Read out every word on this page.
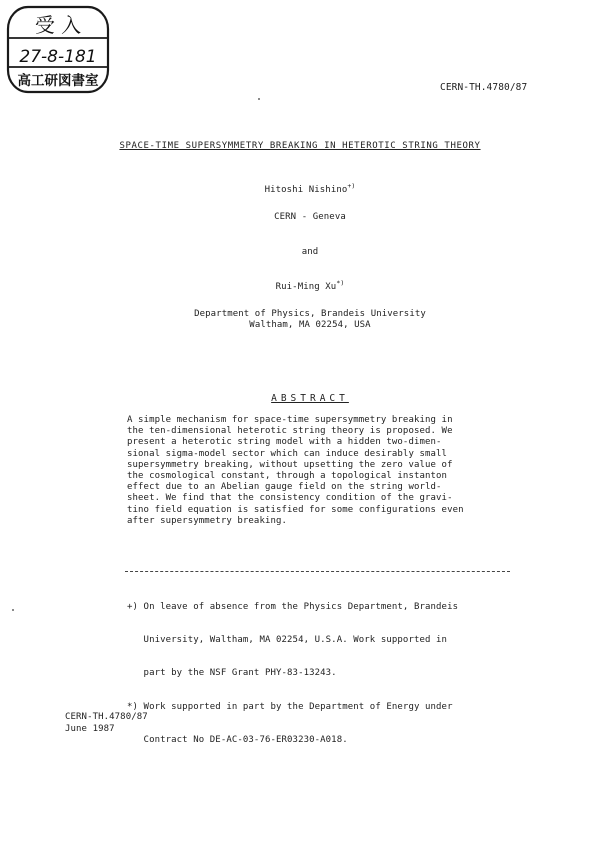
受 入
27-8-181
高工研図書室	CERN-TH.4780/87
SPACE-TIME SUPERSYMMETRY BREAKING IN HETEROTIC STRING THEORY
Hitoshi Nishino+)
CERN - Geneva
and
Rui-Ming Xu*)
Department of Physics, Brandeis University
Waltham, MA 02254, USA
ABSTRACT
A simple mechanism for space-time supersymmetry breaking in
the ten-dimensional heterotic string theory is proposed. We
present a heterotic string model with a hidden two-dimen-
sional sigma-model sector which can induce desirably small
supersymmetry breaking, without upsetting the zero value of
the cosmological constant, through a topological instanton
effect due to an Abelian gauge field on the string world-
sheet. We find that the consistency condition of the gravi-
tino field equation is satisfied for some configurations even
after supersymmetry breaking.

+) On leave of absence from the Physics Department, Brandeis

University, Waltham, MA 02254, U.S.A. Work supported in

part by the NSF Grant PHY-83-13243.

*) Work supported in part by the Department of Energy under

Contract No DE-AC-03-76-ER03230-A018.

CERN-TH.4780/87
June 1987
